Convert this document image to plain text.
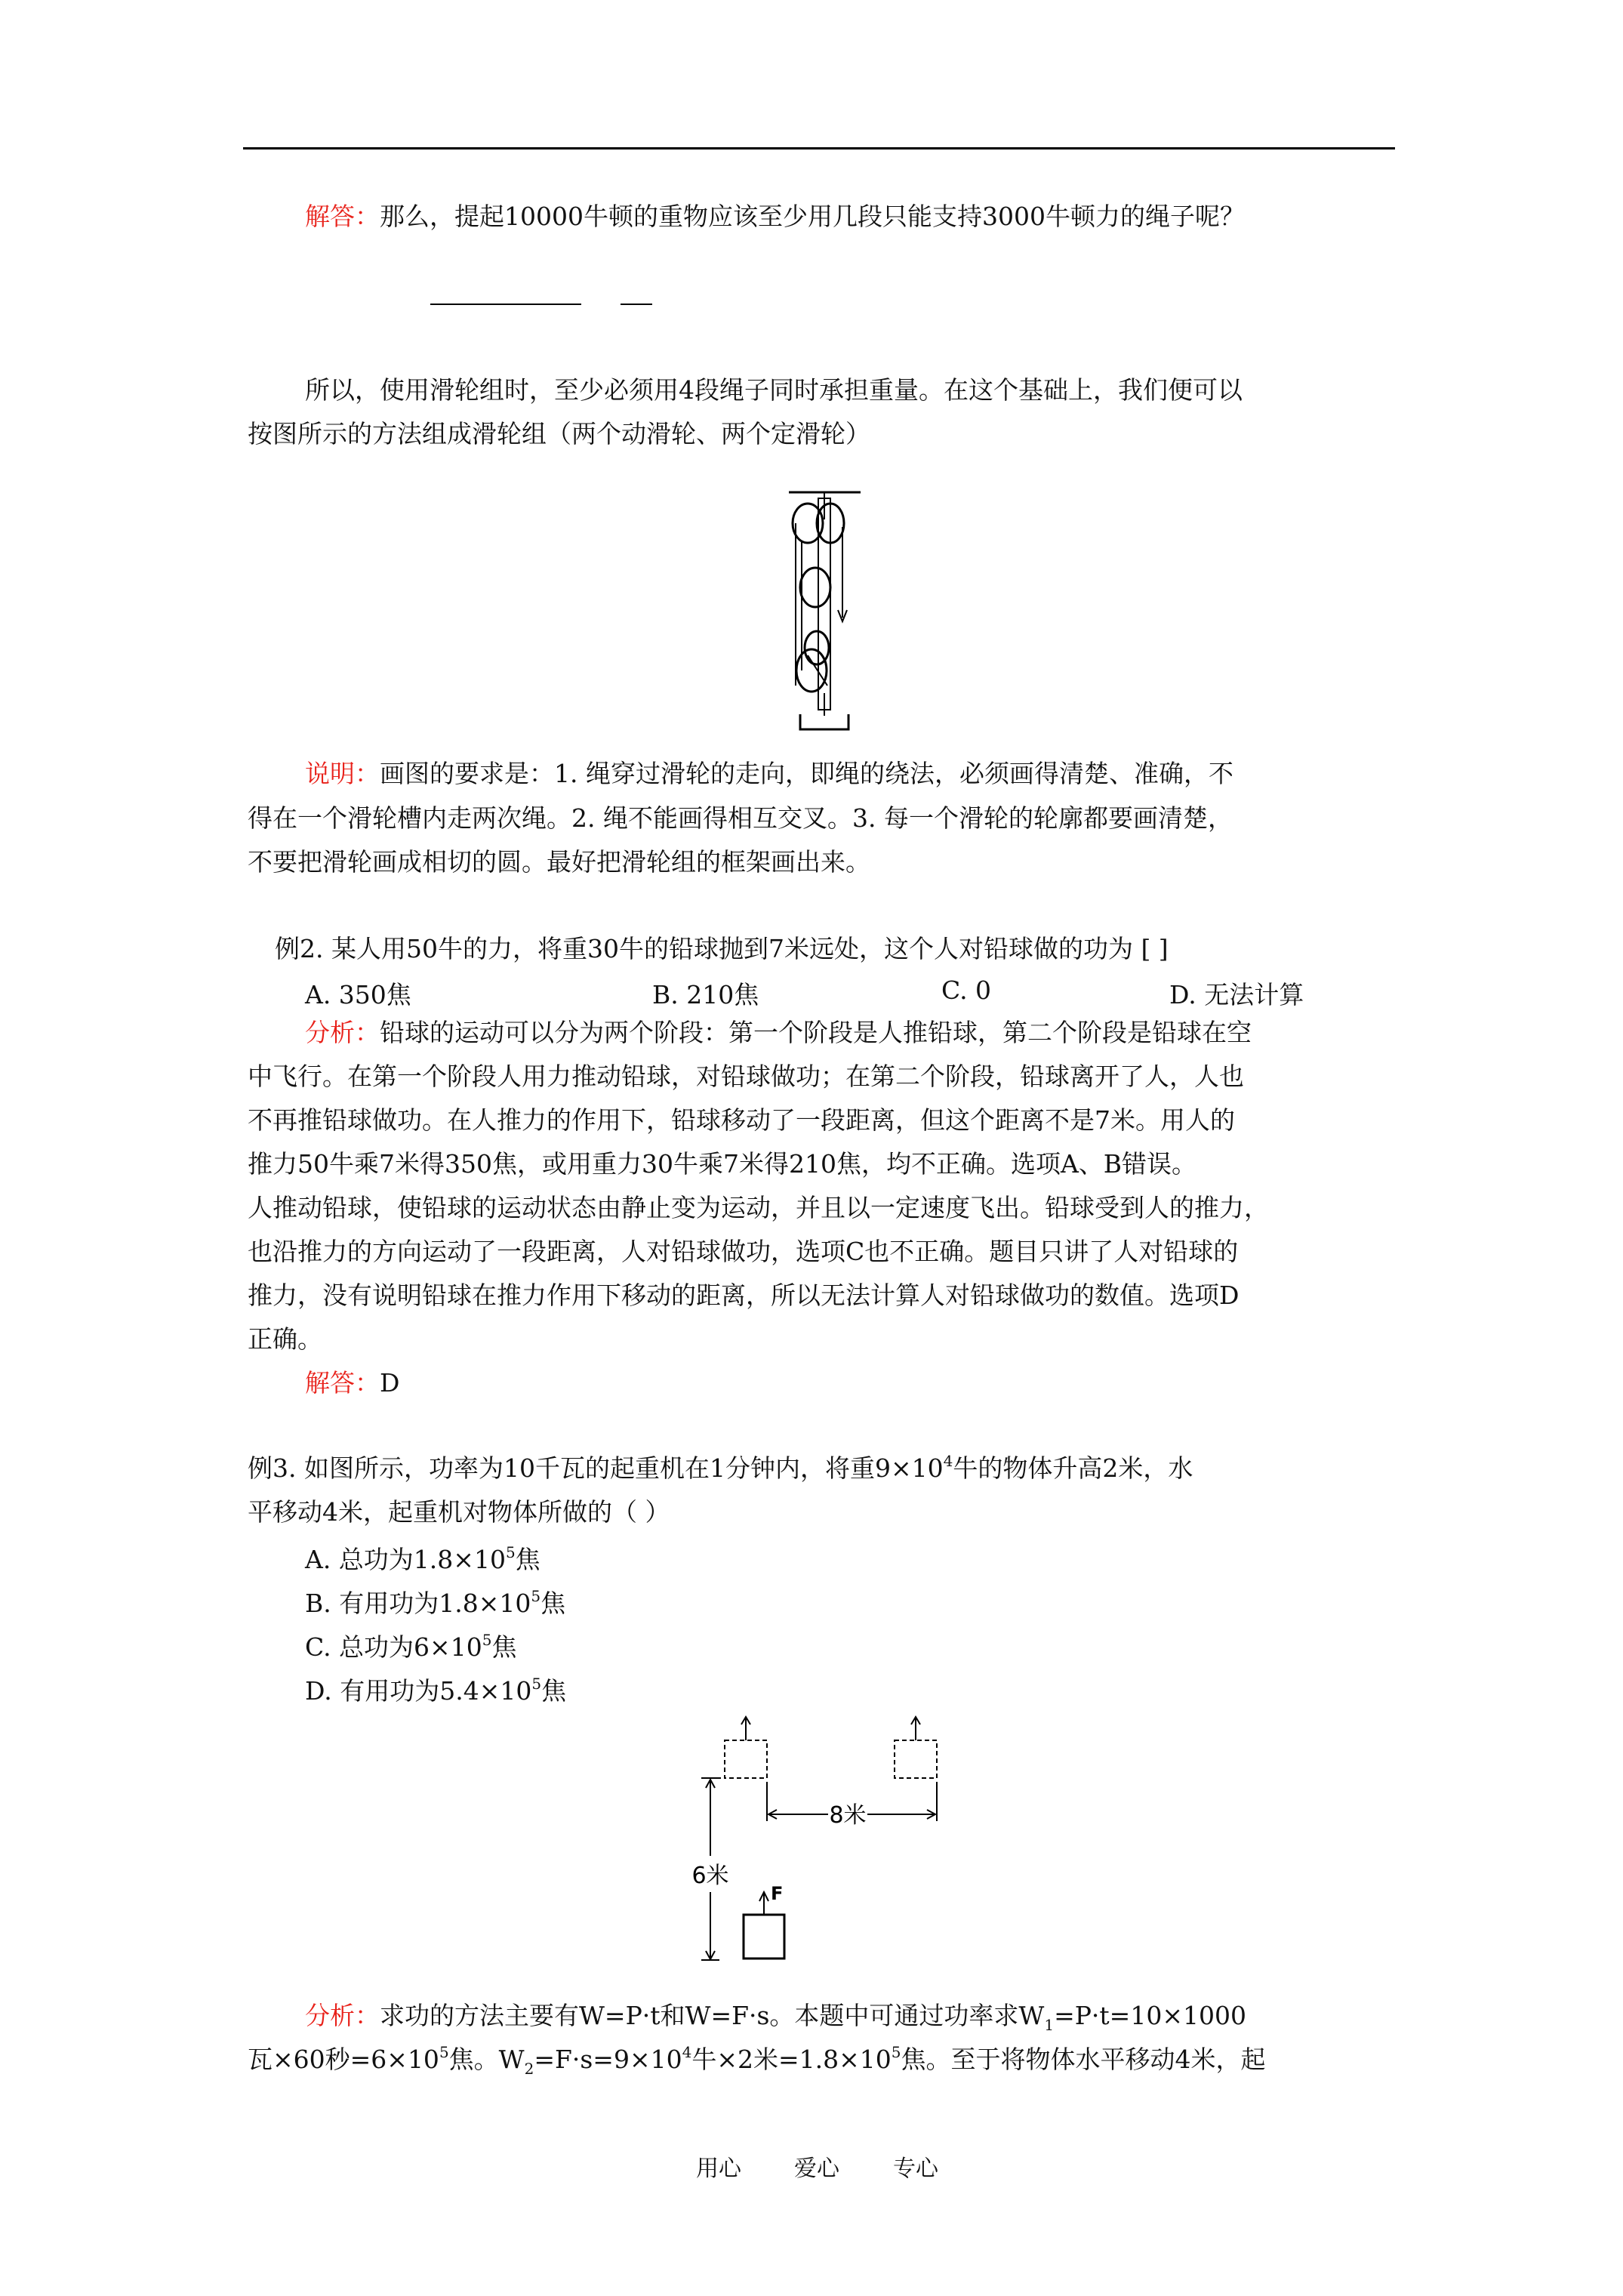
解答：那么，提起10000牛顿的重物应该至少用几段只能支持3000牛顿力的绳子呢？
所以，使用滑轮组时，至少必须用4段绳子同时承担重量。在这个基础上，我们便可以
按图所示的方法组成滑轮组（两个动滑轮、两个定滑轮）
说明：画图的要求是：1. 绳穿过滑轮的走向，即绳的绕法，必须画得清楚、准确，不
得在一个滑轮槽内走两次绳。2. 绳不能画得相互交叉。3. 每一个滑轮的轮廓都要画清楚，
不要把滑轮画成相切的圆。最好把滑轮组的框架画出来。
例2. 某人用50牛的力，将重30牛的铅球抛到7米远处，这个人对铅球做的功为 [ ]
A. 350焦	B. 210焦	C. 0	D. 无法计算
分析：铅球的运动可以分为两个阶段：第一个阶段是人推铅球，第二个阶段是铅球在空
中飞行。在第一个阶段人用力推动铅球，对铅球做功；在第二个阶段，铅球离开了人，人也
不再推铅球做功。在人推力的作用下，铅球移动了一段距离，但这个距离不是7米。用人的
推力50牛乘7米得350焦，或用重力30牛乘7米得210焦，均不正确。选项A、B错误。
人推动铅球，使铅球的运动状态由静止变为运动，并且以一定速度飞出。铅球受到人的推力，
也沿推力的方向运动了一段距离，人对铅球做功，选项C也不正确。题目只讲了人对铅球的
推力，没有说明铅球在推力作用下移动的距离，所以无法计算人对铅球做功的数值。选项D
正确。
解答：D
例3. 如图所示，功率为10千瓦的起重机在1分钟内，将重$9\times 10^4$牛的物体升高2米，水
平移动4米，起重机对物体所做的（ ）
A. 总功为$1.8\times 10^5$焦
B. 有用功为$1.8\times 10^5$焦
C. 总功为$6\times 10^5$焦
D. 有用功为$5.4\times 10^5$焦
8米
6米
F
分析：求功的方法主要有W=P·t和W=F·s。本题中可通过功率求$W_1=P\cdot t=10\times 1000$
瓦×60秒$=6\times 10^5$焦。$W_2=F\cdot s=9\times 10^4$牛×2米$=1.8\times 10^5$焦。至于将物体水平移动4米，起
用心 爱心 专心
